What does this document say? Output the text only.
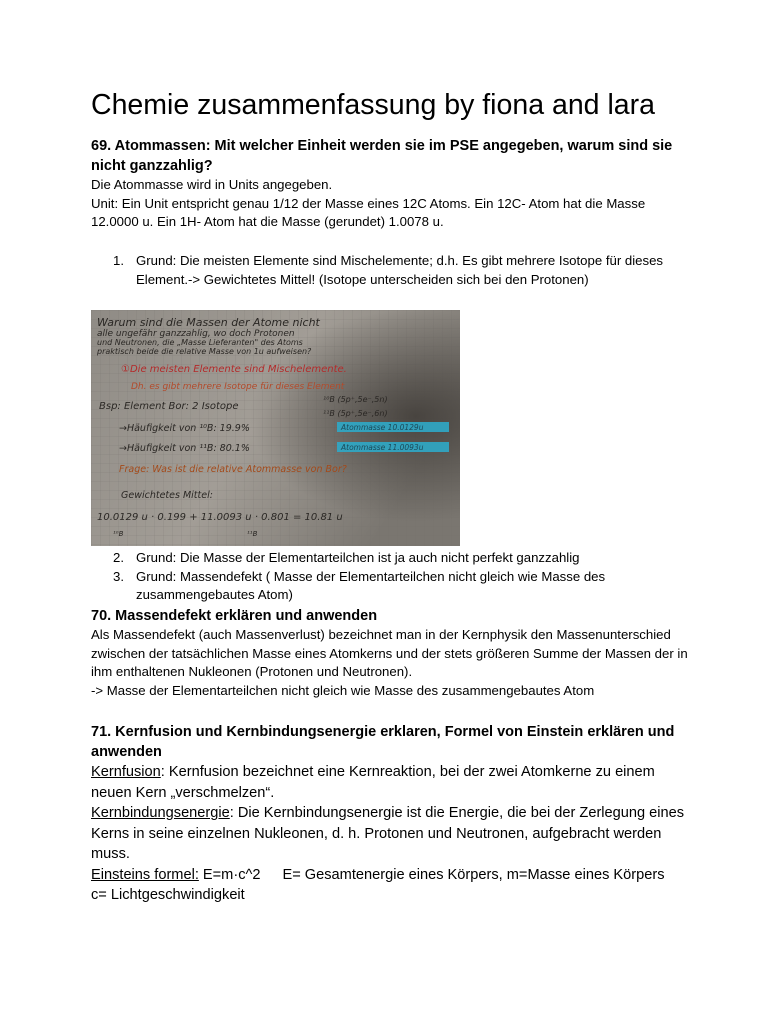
Chemie zusammenfassung by fiona and lara

69. Atommassen: Mit welcher Einheit werden sie im PSE angegeben, warum sind sie nicht ganzzahlig?

Die Atommasse wird in Units angegeben.

Unit: Ein Unit entspricht genau 1/12 der Masse eines 12C Atoms. Ein 12C- Atom hat die Masse 12.0000 u. Ein 1H- Atom hat die Masse (gerundet) 1.0078 u.

1. Grund: Die meisten Elemente sind Mischelemente; d.h. Es gibt mehrere Isotope für dieses Element.-> Gewichtetes Mittel! (Isotope unterscheiden sich bei den Protonen)
2. Grund: Die Masse der Elementarteilchen ist ja auch nicht perfekt ganzzahlig
3. Grund: Massendefekt ( Masse der Elementarteilchen nicht gleich wie Masse des zusammengebautes Atom)

70. Massendefekt erklären und anwenden

Als Massendefekt (auch Massenverlust) bezeichnet man in der Kernphysik den Massenunterschied zwischen der tatsächlichen Masse eines Atomkerns und der stets größeren Summe der Massen der in ihm enthaltenen Nukleonen (Protonen und Neutronen).

-> Masse der Elementarteilchen nicht gleich wie Masse des zusammengebautes Atom

71. Kernfusion und Kernbindungsenergie erklaren, Formel von Einstein erklären und anwenden

Kernfusion: Kernfusion bezeichnet eine Kernreaktion, bei der zwei Atomkerne zu einem neuen Kern „verschmelzen“.

Kernbindungsenergie: Die Kernbindungsenergie ist die Energie, die bei der Zerlegung eines Kerns in seine einzelnen Nukleonen, d. h. Protonen und Neutronen, aufgebracht werden muss.

Einsteins formel: E=m·c^2 E= Gesamtenergie eines Körpers, m=Masse eines Körpers

c= Lichtgeschwindigkeit

Warum sind die Massen der Atome nicht
alle ungefähr ganzzahlig, wo doch Protonen
und Neutronen, die „Masse Lieferanten" des Atoms
praktisch beide die relative Masse von 1u aufweisen?
①Die meisten Elemente sind Mischelemente.
Dh. es gibt mehrere Isotope für dieses Element
Bsp: Element Bor: 2 Isotope
¹⁰B (5p⁺,5e⁻,5n)
¹¹B (5p⁺,5e⁻,6n)
→Häufigkeit von ¹⁰B: 19.9%	Atommasse 10.0129u
→Häufigkeit von ¹¹B: 80.1%	Atommasse 11.0093u
Frage: Was ist die relative Atommasse von Bor?
Gewichtetes Mittel:
10.0129 u · 0.199 + 11.0093 u · 0.801 = 10.81 u
¹⁰B	¹¹B
